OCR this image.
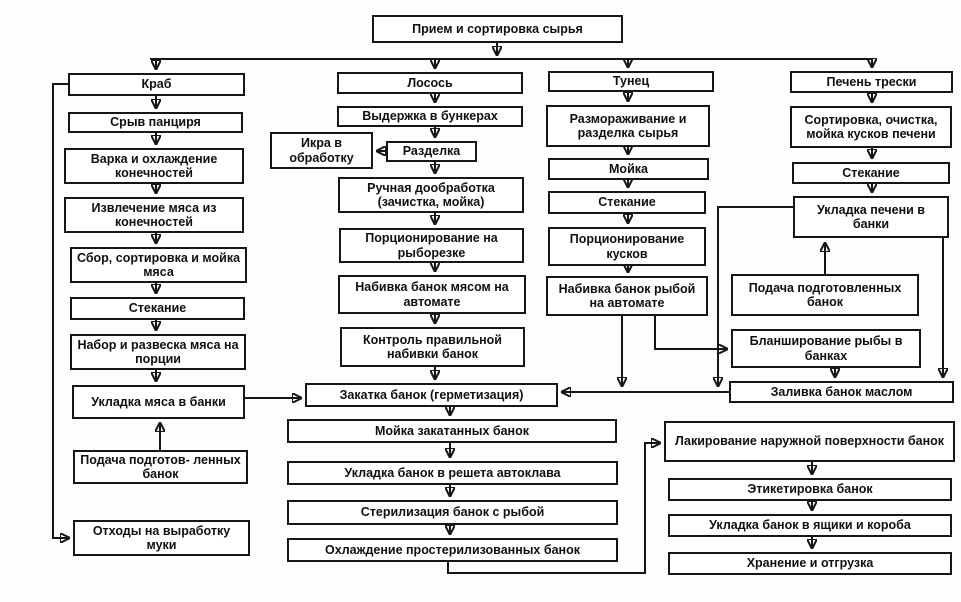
Прием и сортировка сырья
Краб
Срыв панциря
Варка и охлаждение конечностей
Извлечение мяса из конечностей
Сбор, сортировка и мойка мяса
Стекание
Набор и развеска мяса на порции
Укладка мяса в банки
Подача подготов- ленных банок
Отходы на выработку муки
Лосось
Выдержка в бункерах
Икра в обработку	Разделка
Ручная дообработка (зачистка, мойка)
Порционирование на рыборезке
Набивка банок мясом на автомате
Контроль правильной набивки банок
Закатка банок (герметизация)
Мойка закатанных банок
Укладка банок в решета автоклава
Стерилизация банок с рыбой
Охлаждение простерилизованных банок
Тунец
Размораживание и разделка сырья
Мойка
Стекание
Порционирование кусков
Набивка банок рыбой на автомате
Печень трески
Сортировка, очистка, мойка кусков печени
Стекание
Укладка печени в банки
Подача подготовленных банок
Бланширование рыбы в банках
Заливка банок маслом
Лакирование наружной поверхности банок
Этикетировка банок
Укладка банок в ящики и короба
Хранение и отгрузка
